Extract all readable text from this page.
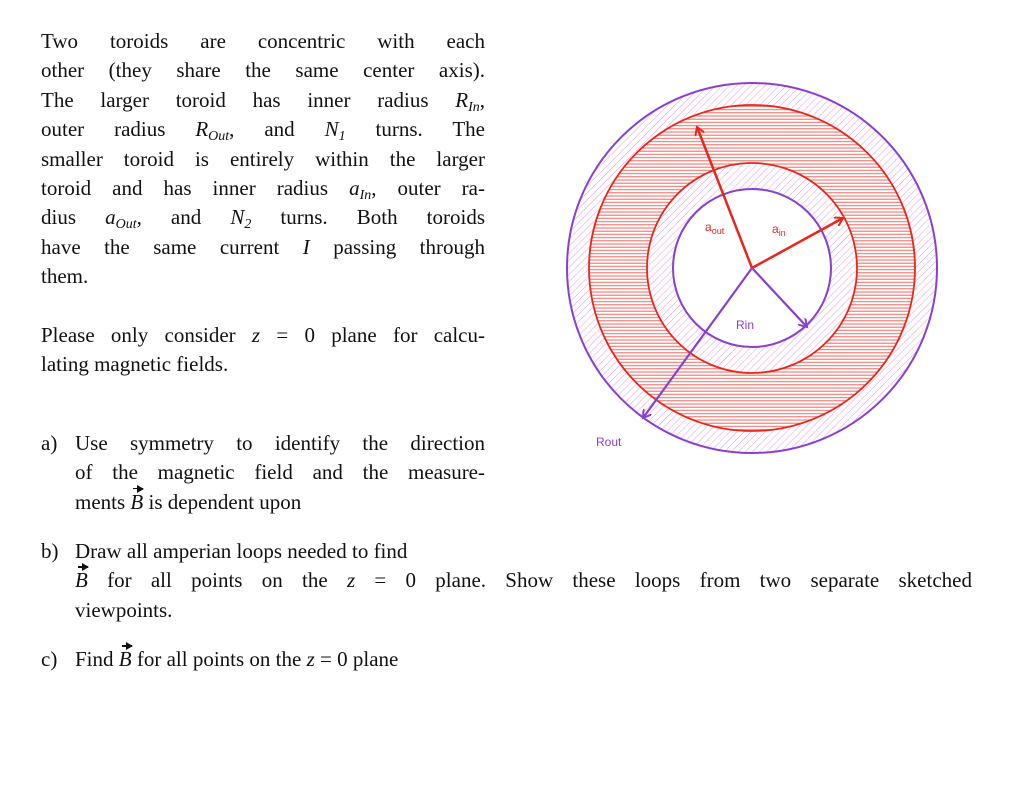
Two toroids are concentric with each
other (they share the same center axis).
The larger toroid has inner radius $R_{In}$,
outer radius $R_{Out}$, and $N_1$ turns. The
smaller toroid is entirely within the larger
toroid and has inner radius $a_{In}$, outer ra-
dius $a_{Out}$, and $N_2$ turns. Both toroids
have the same current I passing through
them.
Please only consider z = 0 plane for calcu-
lating magnetic fields.
a) Use symmetry to identify the direction
of the magnetic field and the measure-
ments B is dependent upon
b) Draw all amperian loops needed to find
B for all points on the z = 0 plane. Show these loops from two separate sketched
viewpoints.
c) Find B for all points on the z = 0 plane
$a_{out}$	$a_{in}$
Rin
Rout
